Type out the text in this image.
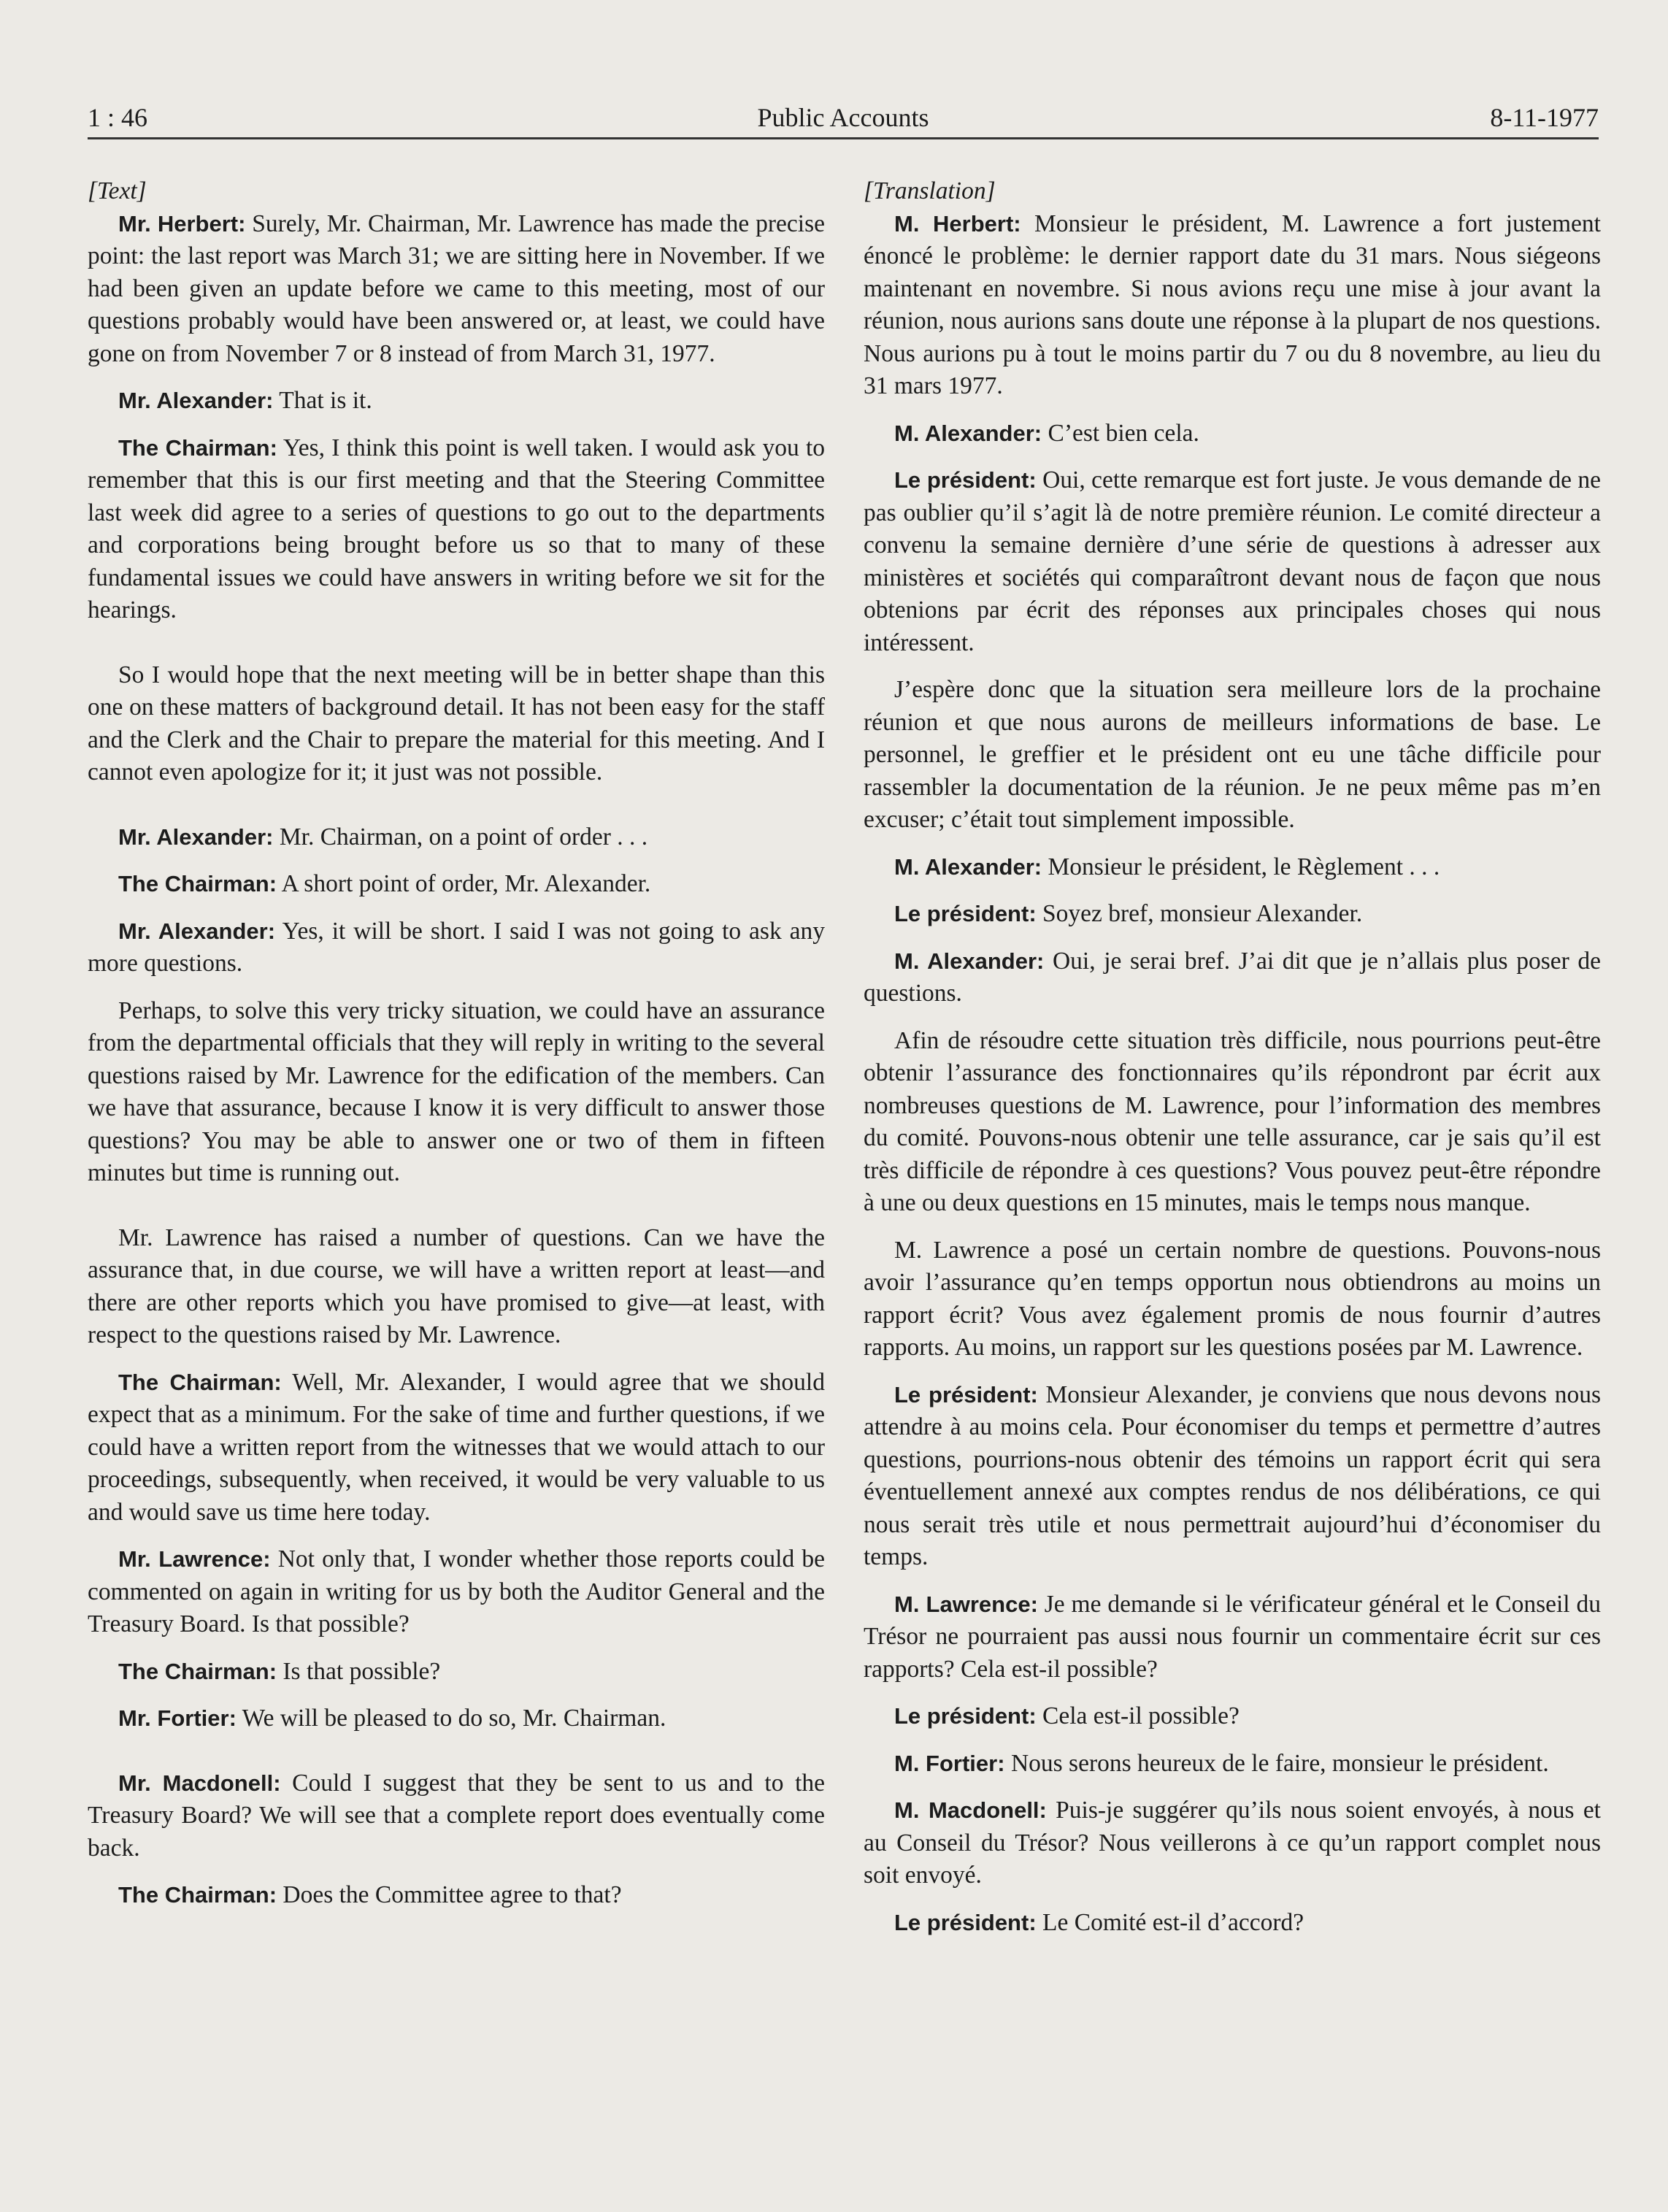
1 : 46	Public Accounts	8-11-1977
[Text]

Mr. Herbert: Surely, Mr. Chairman, Mr. Lawrence has made the precise point: the last report was March 31; we are sitting here in November. If we had been given an update before we came to this meeting, most of our questions probably would have been answered or, at least, we could have gone on from November 7 or 8 instead of from March 31, 1977.

Mr. Alexander: That is it.

The Chairman: Yes, I think this point is well taken. I would ask you to remember that this is our first meeting and that the Steering Committee last week did agree to a series of questions to go out to the departments and corporations being brought before us so that to many of these fundamental issues we could have answers in writing before we sit for the hearings.

So I would hope that the next meeting will be in better shape than this one on these matters of background detail. It has not been easy for the staff and the Clerk and the Chair to prepare the material for this meeting. And I cannot even apologize for it; it just was not possible.

Mr. Alexander: Mr. Chairman, on a point of order . . .

The Chairman: A short point of order, Mr. Alexander.

Mr. Alexander: Yes, it will be short. I said I was not going to ask any more questions.

Perhaps, to solve this very tricky situation, we could have an assurance from the departmental officials that they will reply in writing to the several questions raised by Mr. Lawrence for the edification of the members. Can we have that assurance, because I know it is very difficult to answer those questions? You may be able to answer one or two of them in fifteen minutes but time is running out.

Mr. Lawrence has raised a number of questions. Can we have the assurance that, in due course, we will have a written report at least—and there are other reports which you have promised to give—at least, with respect to the questions raised by Mr. Lawrence.

The Chairman: Well, Mr. Alexander, I would agree that we should expect that as a minimum. For the sake of time and further questions, if we could have a written report from the witnesses that we would attach to our proceedings, subsequently, when received, it would be very valuable to us and would save us time here today.

Mr. Lawrence: Not only that, I wonder whether those reports could be commented on again in writing for us by both the Auditor General and the Treasury Board. Is that possible?

The Chairman: Is that possible?

Mr. Fortier: We will be pleased to do so, Mr. Chairman.

Mr. Macdonell: Could I suggest that they be sent to us and to the Treasury Board? We will see that a complete report does eventually come back.

The Chairman: Does the Committee agree to that?

[Translation]

M. Herbert: Monsieur le président, M. Lawrence a fort justement énoncé le problème: le dernier rapport date du 31 mars. Nous siégeons maintenant en novembre. Si nous avions reçu une mise à jour avant la réunion, nous aurions sans doute une réponse à la plupart de nos questions. Nous aurions pu à tout le moins partir du 7 ou du 8 novembre, au lieu du 31 mars 1977.

M. Alexander: C’est bien cela.

Le président: Oui, cette remarque est fort juste. Je vous demande de ne pas oublier qu’il s’agit là de notre première réunion. Le comité directeur a convenu la semaine dernière d’une série de questions à adresser aux ministères et sociétés qui comparaîtront devant nous de façon que nous obtenions par écrit des réponses aux principales choses qui nous intéressent.

J’espère donc que la situation sera meilleure lors de la prochaine réunion et que nous aurons de meilleurs informations de base. Le personnel, le greffier et le président ont eu une tâche difficile pour rassembler la documentation de la réunion. Je ne peux même pas m’en excuser; c’était tout simplement impossible.

M. Alexander: Monsieur le président, le Règlement . . .

Le président: Soyez bref, monsieur Alexander.

M. Alexander: Oui, je serai bref. J’ai dit que je n’allais plus poser de questions.

Afin de résoudre cette situation très difficile, nous pourrions peut-être obtenir l’assurance des fonctionnaires qu’ils répondront par écrit aux nombreuses questions de M. Lawrence, pour l’information des membres du comité. Pouvons-nous obtenir une telle assurance, car je sais qu’il est très difficile de répondre à ces questions? Vous pouvez peut-être répondre à une ou deux questions en 15 minutes, mais le temps nous manque.

M. Lawrence a posé un certain nombre de questions. Pouvons-nous avoir l’assurance qu’en temps opportun nous obtiendrons au moins un rapport écrit? Vous avez également promis de nous fournir d’autres rapports. Au moins, un rapport sur les questions posées par M. Lawrence.

Le président: Monsieur Alexander, je conviens que nous devons nous attendre à au moins cela. Pour économiser du temps et permettre d’autres questions, pourrions-nous obtenir des témoins un rapport écrit qui sera éventuellement annexé aux comptes rendus de nos délibérations, ce qui nous serait très utile et nous permettrait aujourd’hui d’économiser du temps.

M. Lawrence: Je me demande si le vérificateur général et le Conseil du Trésor ne pourraient pas aussi nous fournir un commentaire écrit sur ces rapports? Cela est-il possible?

Le président: Cela est-il possible?

M. Fortier: Nous serons heureux de le faire, monsieur le président.

M. Macdonell: Puis-je suggérer qu’ils nous soient envoyés, à nous et au Conseil du Trésor? Nous veillerons à ce qu’un rapport complet nous soit envoyé.

Le président: Le Comité est-il d’accord?
